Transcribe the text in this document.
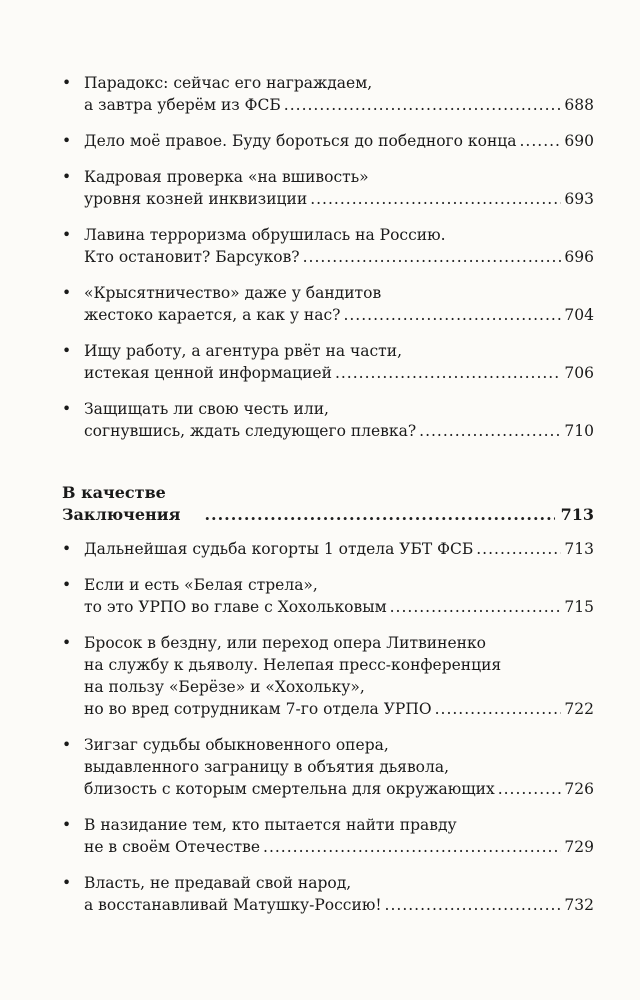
• Парадокс: сейчас его награждаем,
а завтра уберём из ФСБ .....	688
• Дело моё правое. Буду бороться до победного конца .....	690
• Кадровая проверка «на вшивость»
уровня козней инквизиции .....	693
• Лавина терроризма обрушилась на Россию.
Кто остановит? Барсуков? .....	696
• «Крысятничество» даже у бандитов
жестоко карается, а как у нас? .....	704
• Ищу работу, а агентура рвёт на части,
истекая ценной информацией .....	706
• Защищать ли свою честь или,
согнувшись, ждать следующего плевка? .....	710
В качестве
Заключения .....	713
• Дальнейшая судьба когорты 1 отдела УБТ ФСБ .....	713
• Если и есть «Белая стрела»,
то это УРПО во главе с Хохольковым .....	715
• Бросок в бездну, или переход опера Литвиненко
на службу к дьяволу. Нелепая пресс-конференция
на пользу «Берёзе» и «Хохольку»,
но во вред сотрудникам 7-го отдела УРПО .....	722
• Зигзаг судьбы обыкновенного опера,
выдавленного заграницу в объятия дьявола,
близость с которым смертельна для окружающих .....	726
• В назидание тем, кто пытается найти правду
не в своём Отечестве .....	729
• Власть, не предавай свой народ,
а восстанавливай Матушку-Россию! .....	732
